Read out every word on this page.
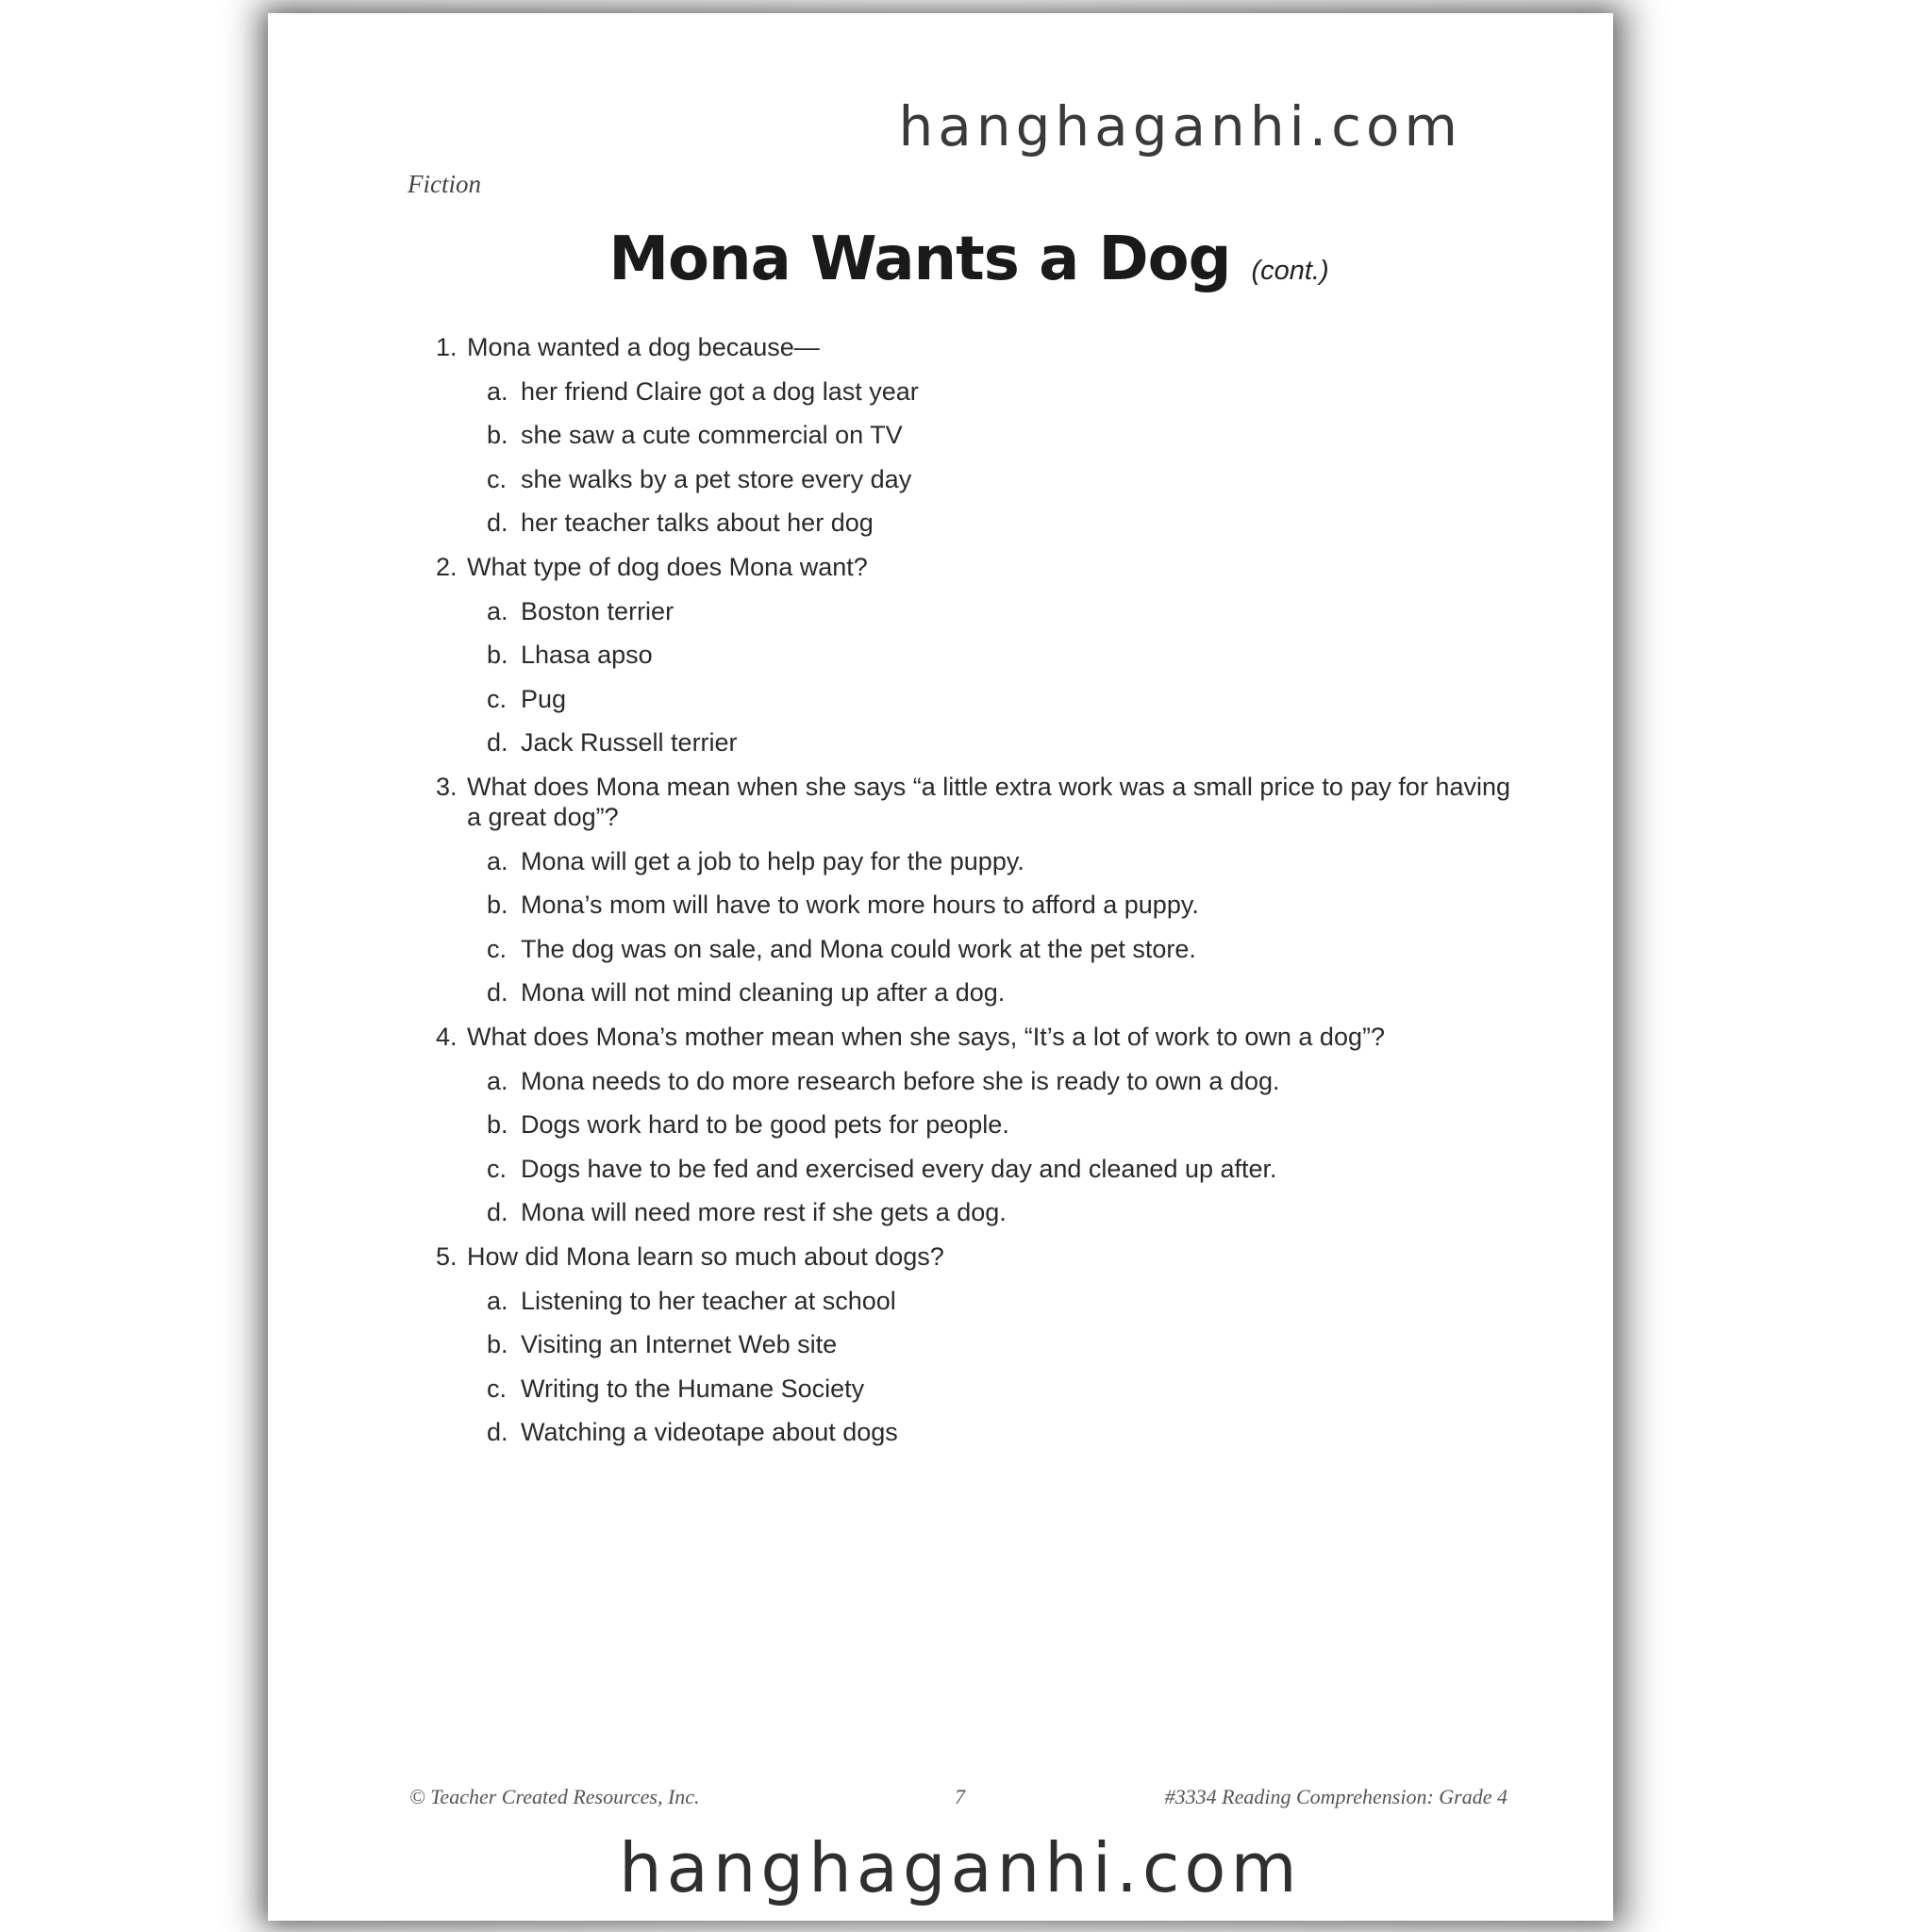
hanghaganhi.com
Fiction
Mona Wants a Dog (cont.)
1. Mona wanted a dog because—
a. her friend Claire got a dog last year
b. she saw a cute commercial on TV
c. she walks by a pet store every day
d. her teacher talks about her dog
2. What type of dog does Mona want?
a. Boston terrier
b. Lhasa apso
c. Pug
d. Jack Russell terrier
3. What does Mona mean when she says “a little extra work was a small price to pay for having a great dog”?
a. Mona will get a job to help pay for the puppy.
b. Mona’s mom will have to work more hours to afford a puppy.
c. The dog was on sale, and Mona could work at the pet store.
d. Mona will not mind cleaning up after a dog.
4. What does Mona’s mother mean when she says, “It’s a lot of work to own a dog”?
a. Mona needs to do more research before she is ready to own a dog.
b. Dogs work hard to be good pets for people.
c. Dogs have to be fed and exercised every day and cleaned up after.
d. Mona will need more rest if she gets a dog.
5. How did Mona learn so much about dogs?
a. Listening to her teacher at school
b. Visiting an Internet Web site
c. Writing to the Humane Society
d. Watching a videotape about dogs
© Teacher Created Resources, Inc.	7	#3334 Reading Comprehension: Grade 4
hanghaganhi.com
